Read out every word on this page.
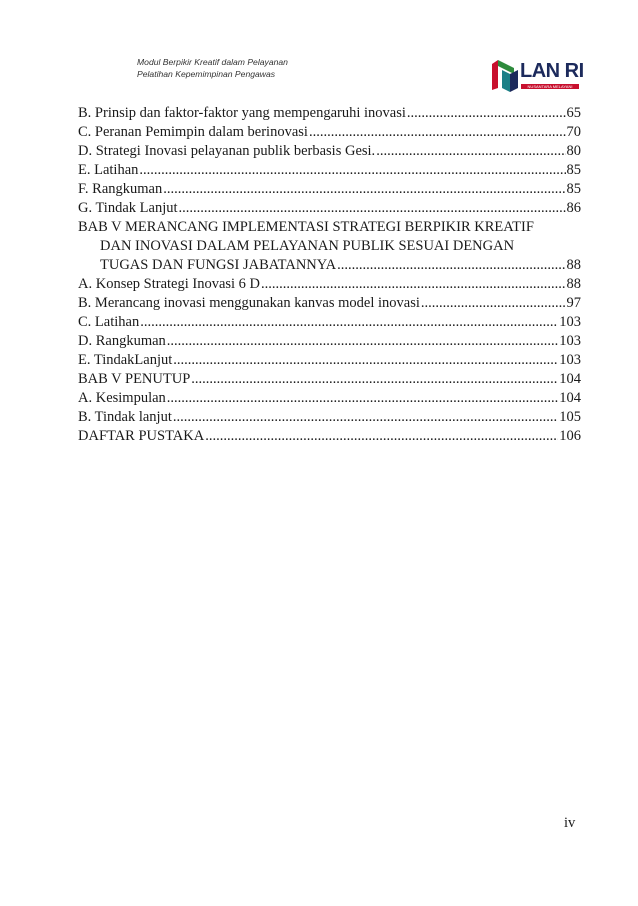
Modul Berpikir Kreatif dalam Pelayanan
Pelatihan Kepemimpinan Pengawas	LAN RI
NUSANTARA MELAYANI
B. Prinsip dan faktor-faktor yang mempengaruhi inovasi .....	65
C. Peranan Pemimpin dalam berinovasi .....	70
D. Strategi Inovasi pelayanan publik berbasis Gesi. .....	80
E. Latihan .....	85
F. Rangkuman .....	85
G. Tindak Lanjut .....	86
BAB V MERANCANG IMPLEMENTASI STRATEGI BERPIKIR KREATIF
DAN INOVASI DALAM PELAYANAN PUBLIK SESUAI DENGAN
TUGAS DAN FUNGSI JABATANNYA .....	88
A. Konsep Strategi Inovasi 6 D .....	88
B. Merancang inovasi menggunakan kanvas model inovasi .....	97
C. Latihan .....	103
D. Rangkuman .....	103
E. TindakLanjut .....	103
BAB V PENUTUP .....	104
A. Kesimpulan .....	104
B. Tindak lanjut .....	105
DAFTAR PUSTAKA .....	106
iv
